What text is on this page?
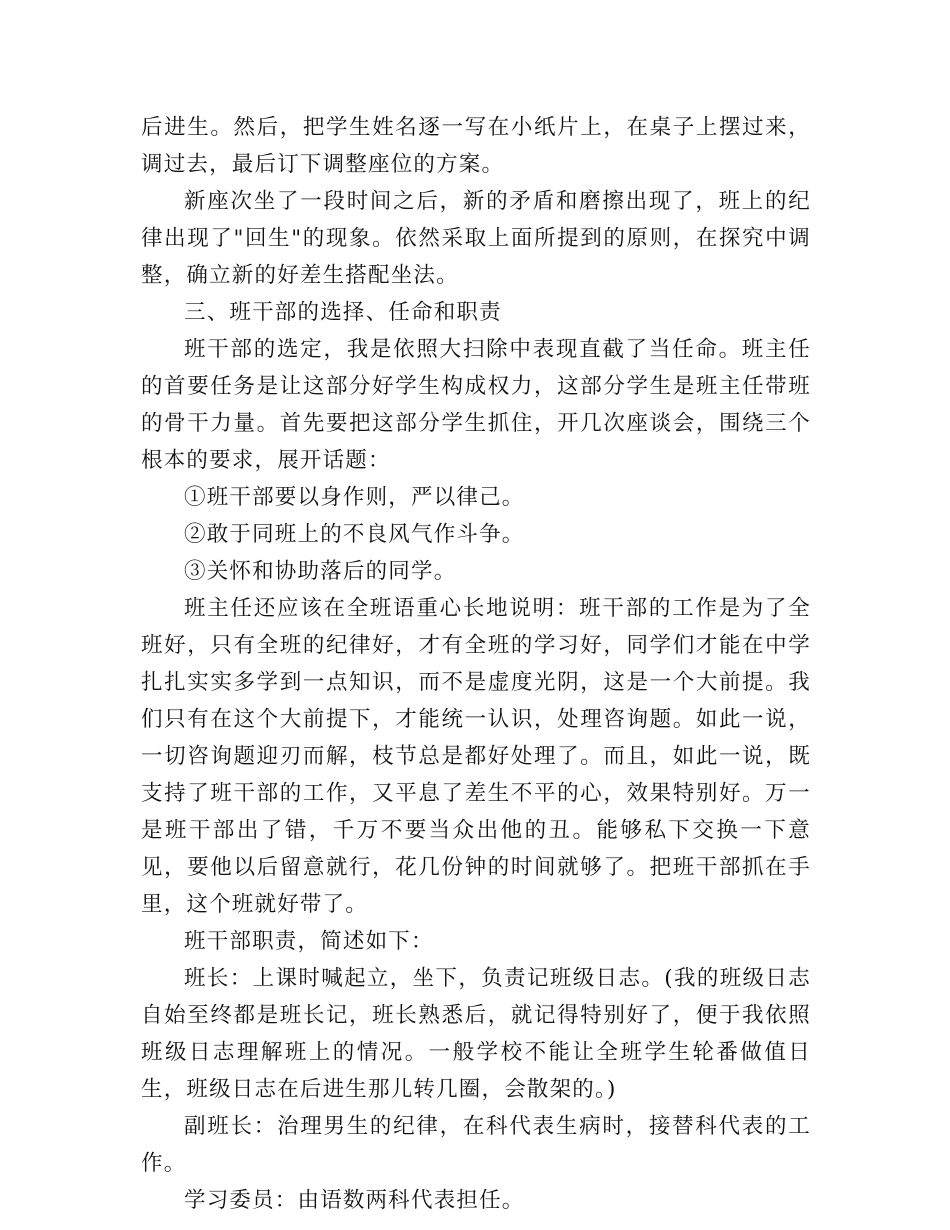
后进生。然后，把学生姓名逐一写在小纸片上，在桌子上摆过来，调过去，最后订下调整座位的方案。

新座次坐了一段时间之后，新的矛盾和磨擦出现了，班上的纪律出现了"回生"的现象。依然采取上面所提到的原则，在探究中调整，确立新的好差生搭配坐法。

三、班干部的选择、任命和职责

班干部的选定，我是依照大扫除中表现直截了当任命。班主任的首要任务是让这部分好学生构成权力，这部分学生是班主任带班的骨干力量。首先要把这部分学生抓住，开几次座谈会，围绕三个根本的要求，展开话题：

①班干部要以身作则，严以律己。

②敢于同班上的不良风气作斗争。

③关怀和协助落后的同学。

班主任还应该在全班语重心长地说明：班干部的工作是为了全班好，只有全班的纪律好，才有全班的学习好，同学们才能在中学扎扎实实多学到一点知识，而不是虚度光阴，这是一个大前提。我们只有在这个大前提下，才能统一认识，处理咨询题。如此一说，一切咨询题迎刃而解，枝节总是都好处理了。而且，如此一说，既支持了班干部的工作，又平息了差生不平的心，效果特别好。万一是班干部出了错，千万不要当众出他的丑。能够私下交换一下意见，要他以后留意就行，花几份钟的时间就够了。把班干部抓在手里，这个班就好带了。

班干部职责，简述如下：

班长：上课时喊起立，坐下，负责记班级日志。(我的班级日志自始至终都是班长记，班长熟悉后，就记得特别好了，便于我依照班级日志理解班上的情况。一般学校不能让全班学生轮番做值日生，班级日志在后进生那儿转几圈，会散架的。)

副班长：治理男生的纪律，在科代表生病时，接替科代表的工作。

学习委员：由语数两科代表担任。
